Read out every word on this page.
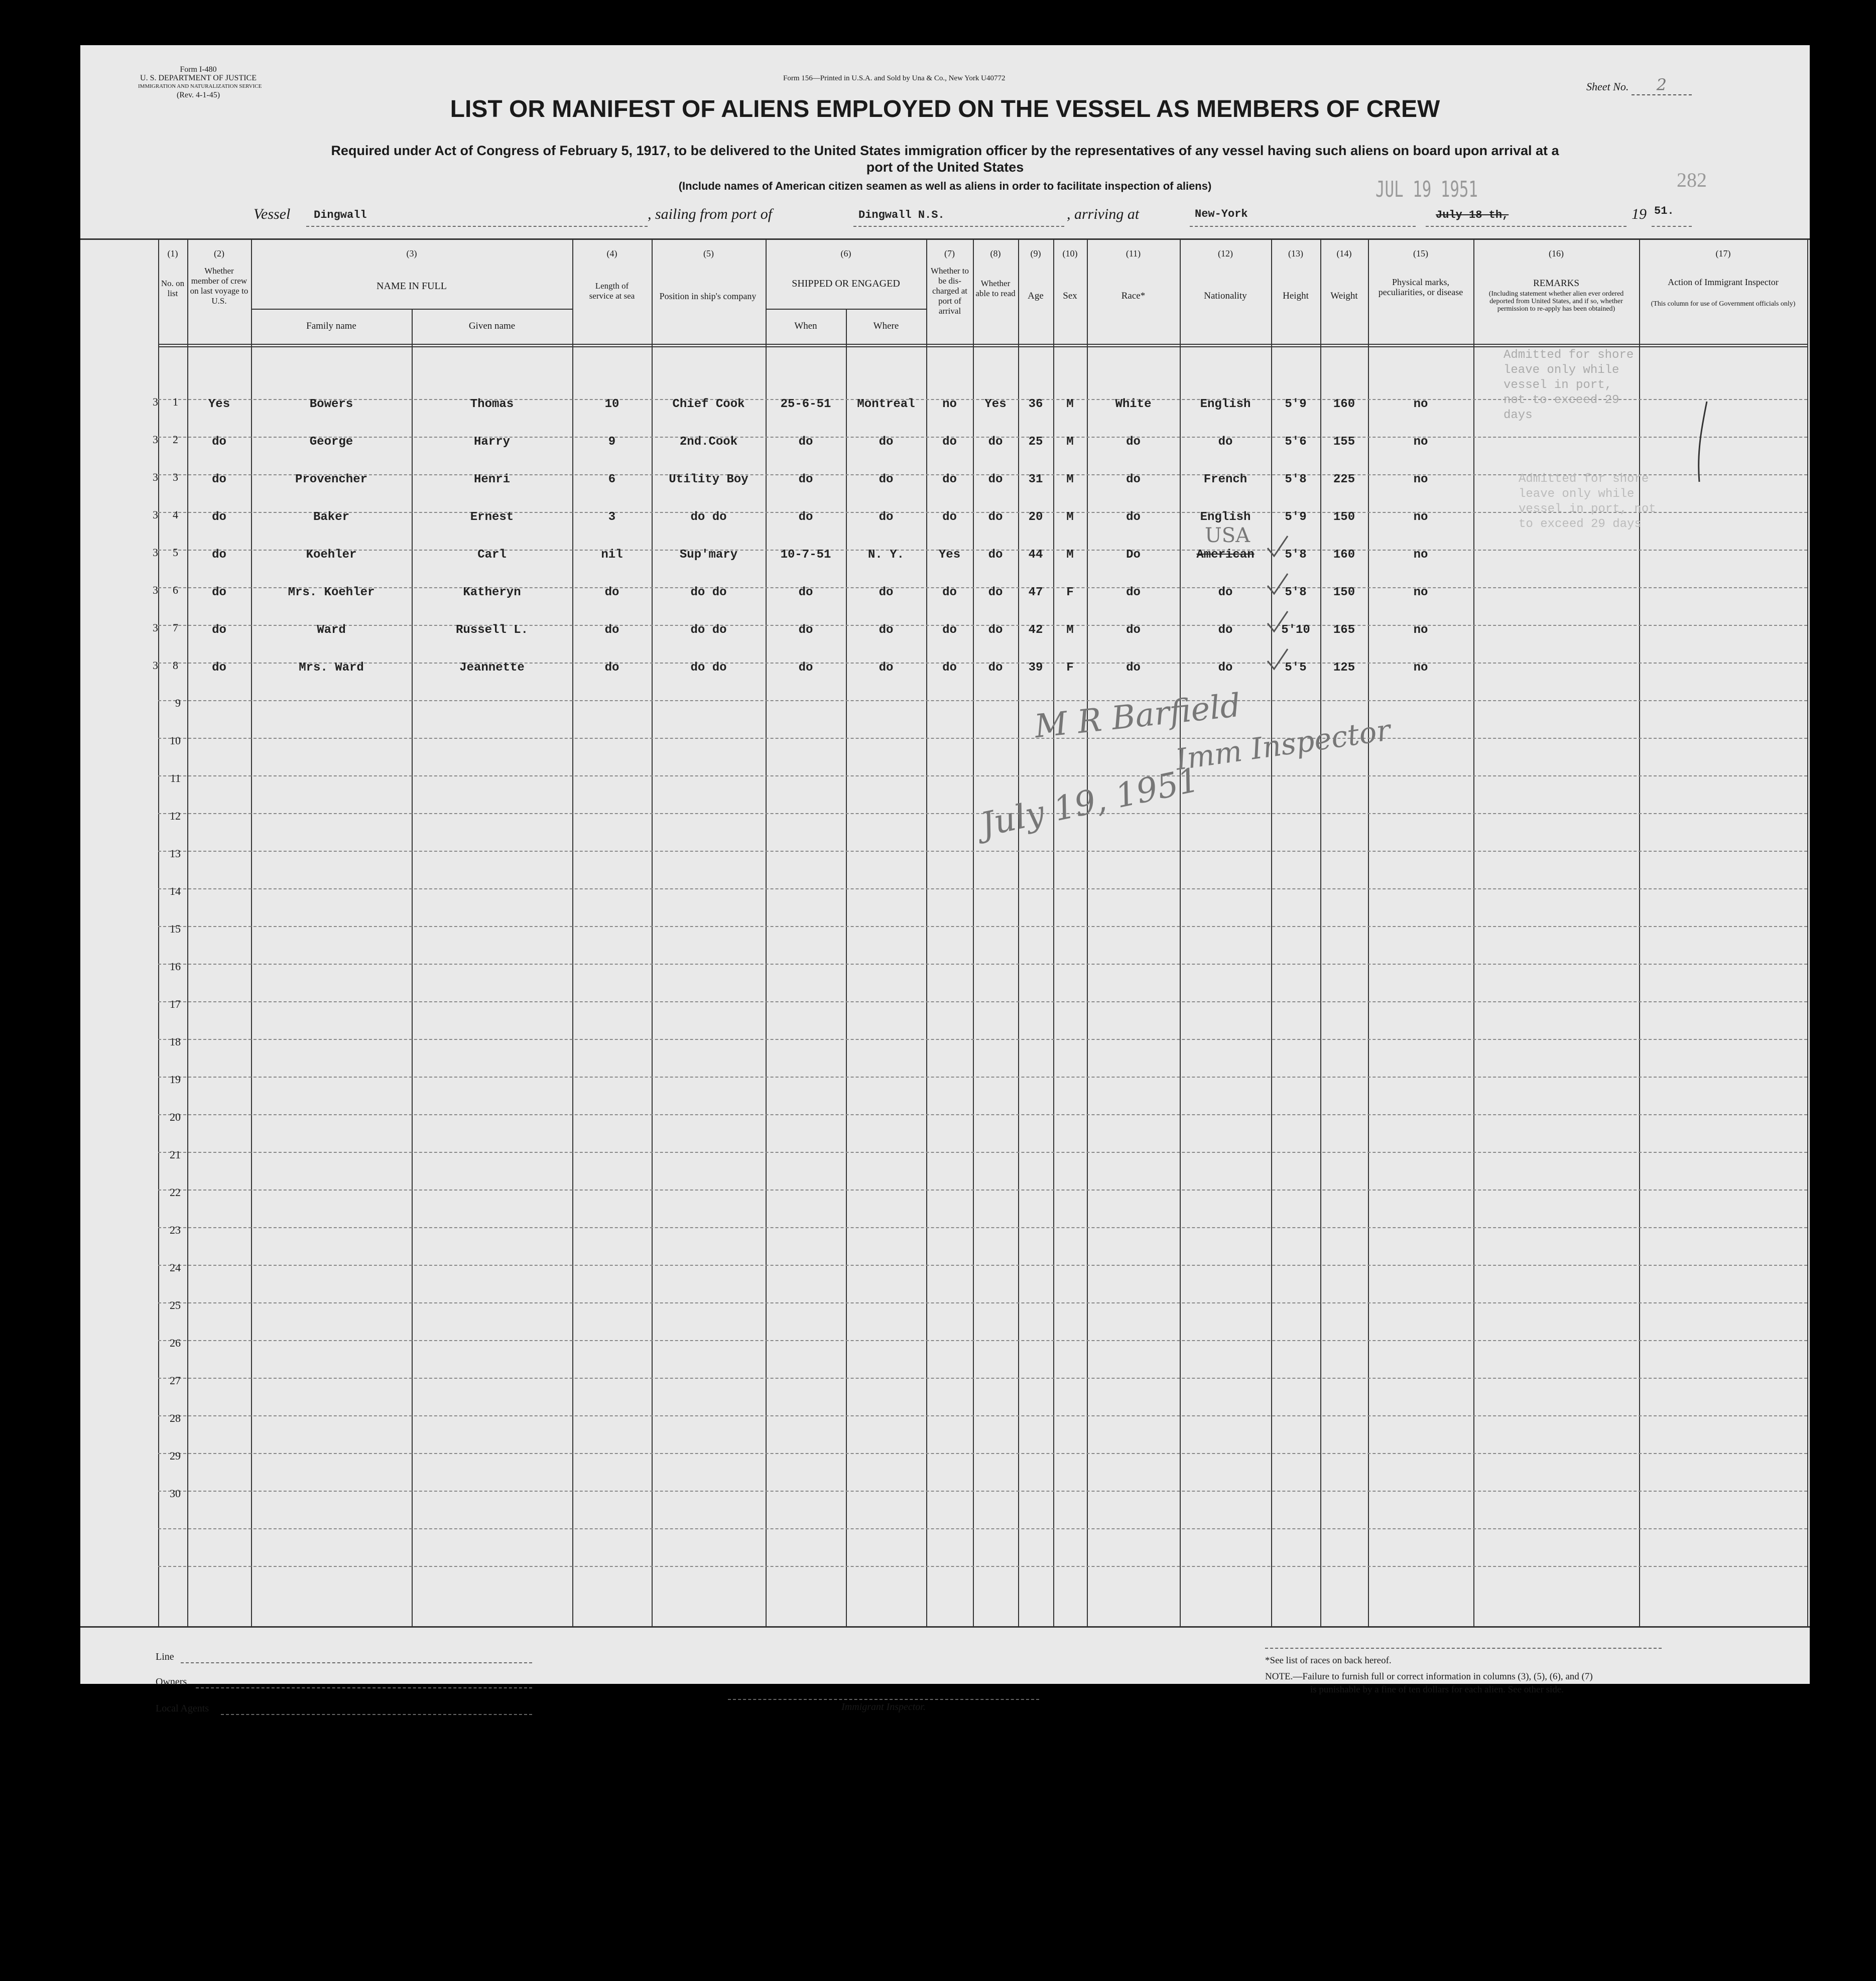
Form I-480
U. S. DEPARTMENT OF JUSTICE
IMMIGRATION AND NATURALIZATION SERVICE
(Rev. 4-1-45)
Form 156—Printed in U.S.A. and Sold by Una & Co., New York U40772
Sheet No. 2
LIST OR MANIFEST OF ALIENS EMPLOYED ON THE VESSEL AS MEMBERS OF CREW
Required under Act of Congress of February 5, 1917, to be delivered to the United States immigration officer by the representatives of any vessel having such aliens on board upon arrival at a
port of the United States
(Include names of American citizen seamen as well as aliens in order to facilitate inspection of aliens)	JUL 19 1951	282
Vessel Dingwall	, sailing from port of	Dingwall N.S.	, arriving at	New-York	July 18 th,	19 51.
(1)	(2)	(3)	(4)	(5)	(6)	(7)	(8)	(9)	(10)	(11)	(12)	(13)	(14)	(15)	(16)	(17)
No. on list
Whether member of crew on last voyage to U.S.
NAME IN FULL
Family name	Given name
Length of service at sea	Position in ship's company
SHIPPED OR ENGAGED
When	Where
Whether to be dis-charged at port of arrival
Whether able to read	Age	Sex	Race*	Nationality	Height	Weight
Physical marks, peculiarities, or disease
REMARKS
(Including statement whether alien ever ordered deported from United States, and if so, whether permission to re-apply has been obtained)
Action of Immigrant Inspector
(This column for use of Government officials only)
3	1	Yes	Bowers	Thomas	10	Chief Cook	25-6-51	Montreal	no	Yes	36	M	White	English	5'9	160	no
3	2	do	George	Harry	9	2nd.Cook	do	do	do	do	25	M	do	do	5'6	155	no
3	3	do	Provencher	Henri	6	Utility Boy	do	do	do	do	31	M	do	French	5'8	225	no
3	4	do	Baker	Ernest	3	do do	do	do	do	do	20	M	do	English	5'9	150	no
3	5	do	Koehler	Carl	nil	Sup'mary	10-7-51	N. Y.	Yes	do	44	M	Do	American	5'8	160	no
USA
3	6	do	Mrs. Koehler	Katheryn	do	do do	do	do	do	do	47	F	do	do	5'8	150	no
3	7	do	Ward	Russell L.	do	do do	do	do	do	do	42	M	do	do	5'10	165	no
3	8	do	Mrs. Ward	Jeannette	do	do do	do	do	do	do	39	F	do	do	5'5	125	no
9
10
11
12
13
14
15
16
17
18
19
20
21
22
23
24
25
26
27
28
29
30
Admitted for shore leave only while vessel in port, not to exceed 29 days
Admitted for shore leave only while vessel in port, not to exceed 29 days
M R Barfield
Imm Inspector
July 19, 1951
Line
Owners
Local Agents	Immigrant Inspector.
*See list of races on back hereof.
NOTE.—Failure to furnish full or correct information in columns (3), (5), (6), and (7)
is punishable by a fine of ten dollars for each alien. See other side.
